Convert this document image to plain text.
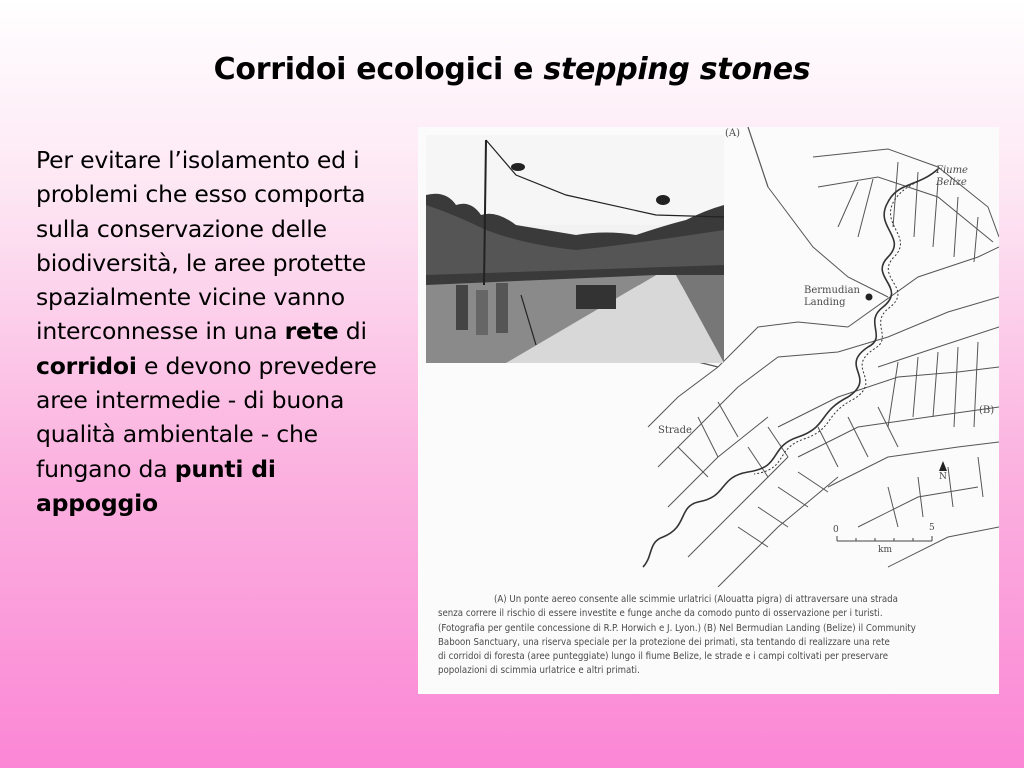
Corridoi ecologici e stepping stones
Per evitare l’isolamento ed i problemi che esso comporta sulla conservazione delle biodiversità, le aree protette spazialmente vicine vanno interconnesse in una rete di corridoi e devono prevedere aree intermedie - di buona qualità ambientale - che fungano da punti di appoggio
(A)
(B)
Fiume
Belize
Bermudian
Landing
Strade
N
0	5
km
(A) Un ponte aereo consente alle scimmie urlatrici (Alouatta pigra) di attraversare una strada
senza correre il rischio di essere investite e funge anche da comodo punto di osservazione per i turisti.
(Fotografia per gentile concessione di R.P. Horwich e J. Lyon.) (B) Nel Bermudian Landing (Belize) il Community
Baboon Sanctuary, una riserva speciale per la protezione dei primati, sta tentando di realizzare una rete
di corridoi di foresta (aree punteggiate) lungo il fiume Belize, le strade e i campi coltivati per preservare
popolazioni di scimmia urlatrice e altri primati.
